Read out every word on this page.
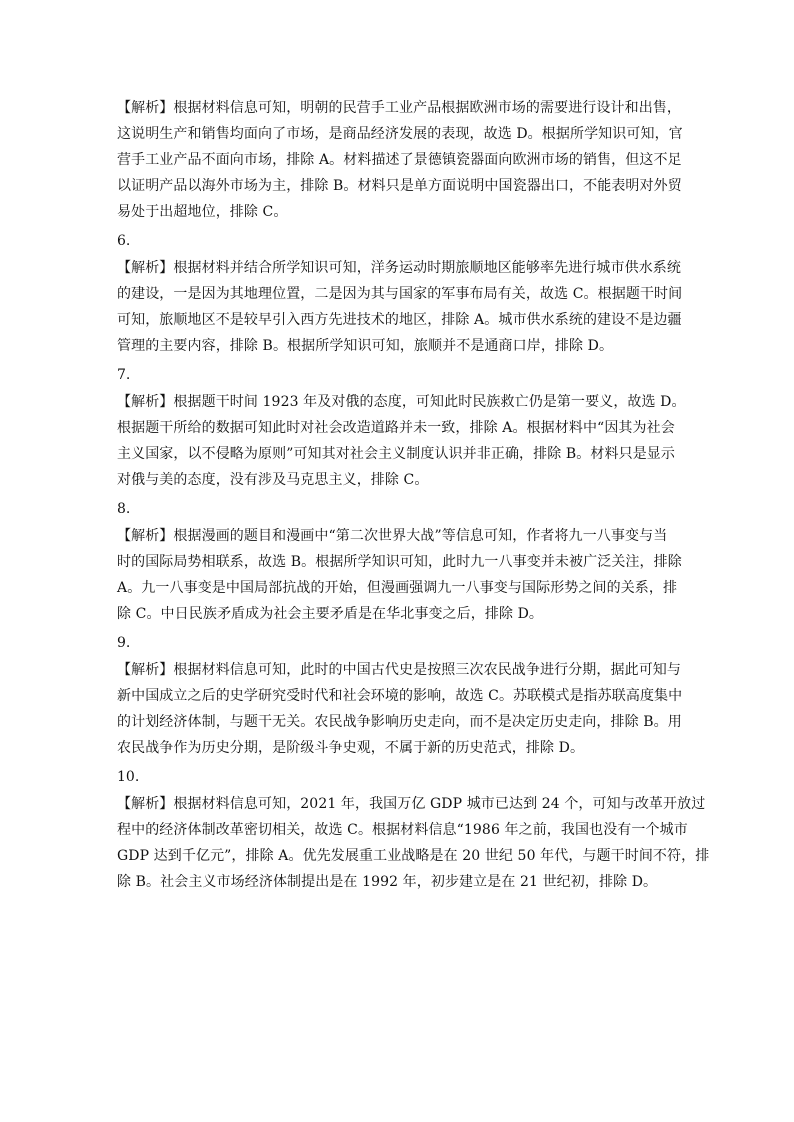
【解析】根据材料信息可知，明朝的民营手工业产品根据欧洲市场的需要进行设计和出售，
这说明生产和销售均面向了市场，是商品经济发展的表现，故选 D。根据所学知识可知，官
营手工业产品不面向市场，排除 A。材料描述了景德镇瓷器面向欧洲市场的销售，但这不足
以证明产品以海外市场为主，排除 B。材料只是单方面说明中国瓷器出口，不能表明对外贸
易处于出超地位，排除 C。

6.

【解析】根据材料并结合所学知识可知，洋务运动时期旅顺地区能够率先进行城市供水系统
的建设，一是因为其地理位置，二是因为其与国家的军事布局有关，故选 C。根据题干时间
可知，旅顺地区不是较早引入西方先进技术的地区，排除 A。城市供水系统的建设不是边疆
管理的主要内容，排除 B。根据所学知识可知，旅顺并不是通商口岸，排除 D。

7.

【解析】根据题干时间 1923 年及对俄的态度，可知此时民族救亡仍是第一要义，故选 D。
根据题干所给的数据可知此时对社会改造道路并未一致，排除 A。根据材料中“因其为社会
主义国家，以不侵略为原则”可知其对社会主义制度认识并非正确，排除 B。材料只是显示
对俄与美的态度，没有涉及马克思主义，排除 C。

8.

【解析】根据漫画的题目和漫画中“第二次世界大战”等信息可知，作者将九一八事变与当
时的国际局势相联系，故选 B。根据所学知识可知，此时九一八事变并未被广泛关注，排除
A。九一八事变是中国局部抗战的开始，但漫画强调九一八事变与国际形势之间的关系，排
除 C。中日民族矛盾成为社会主要矛盾是在华北事变之后，排除 D。

9.

【解析】根据材料信息可知，此时的中国古代史是按照三次农民战争进行分期，据此可知与
新中国成立之后的史学研究受时代和社会环境的影响，故选 C。苏联模式是指苏联高度集中
的计划经济体制，与题干无关。农民战争影响历史走向，而不是决定历史走向，排除 B。用
农民战争作为历史分期，是阶级斗争史观，不属于新的历史范式，排除 D。

10.

【解析】根据材料信息可知，2021 年，我国万亿 GDP 城市已达到 24 个，可知与改革开放过
程中的经济体制改革密切相关，故选 C。根据材料信息“1986 年之前，我国也没有一个城市
GDP 达到千亿元”，排除 A。优先发展重工业战略是在 20 世纪 50 年代，与题干时间不符，排
除 B。社会主义市场经济体制提出是在 1992 年，初步建立是在 21 世纪初，排除 D。
